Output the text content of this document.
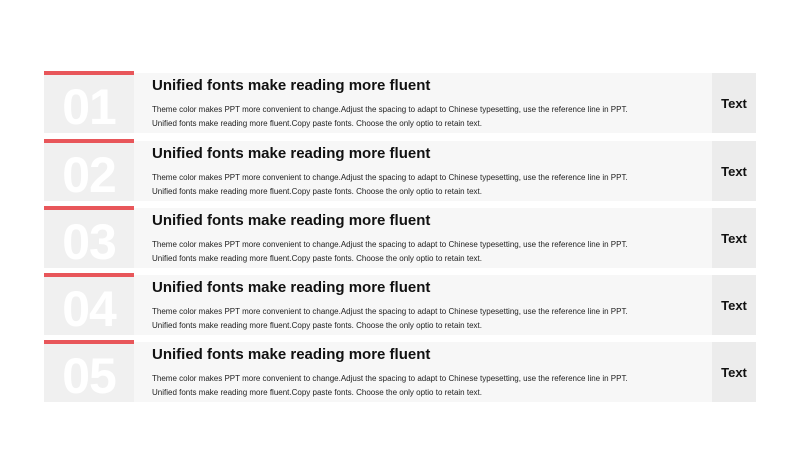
01	Unified fonts make reading more fluent
Theme color makes PPT more convenient to change.Adjust the spacing to adapt to Chinese typesetting, use the reference line in PPT.
Unified fonts make reading more fluent.Copy paste fonts. Choose the only optio to retain text.
Text
02	Unified fonts make reading more fluent
Theme color makes PPT more convenient to change.Adjust the spacing to adapt to Chinese typesetting, use the reference line in PPT.
Unified fonts make reading more fluent.Copy paste fonts. Choose the only optio to retain text.
Text
03	Unified fonts make reading more fluent
Theme color makes PPT more convenient to change.Adjust the spacing to adapt to Chinese typesetting, use the reference line in PPT.
Unified fonts make reading more fluent.Copy paste fonts. Choose the only optio to retain text.
Text
04	Unified fonts make reading more fluent
Theme color makes PPT more convenient to change.Adjust the spacing to adapt to Chinese typesetting, use the reference line in PPT.
Unified fonts make reading more fluent.Copy paste fonts. Choose the only optio to retain text.
Text
05	Unified fonts make reading more fluent
Theme color makes PPT more convenient to change.Adjust the spacing to adapt to Chinese typesetting, use the reference line in PPT.
Unified fonts make reading more fluent.Copy paste fonts. Choose the only optio to retain text.
Text
